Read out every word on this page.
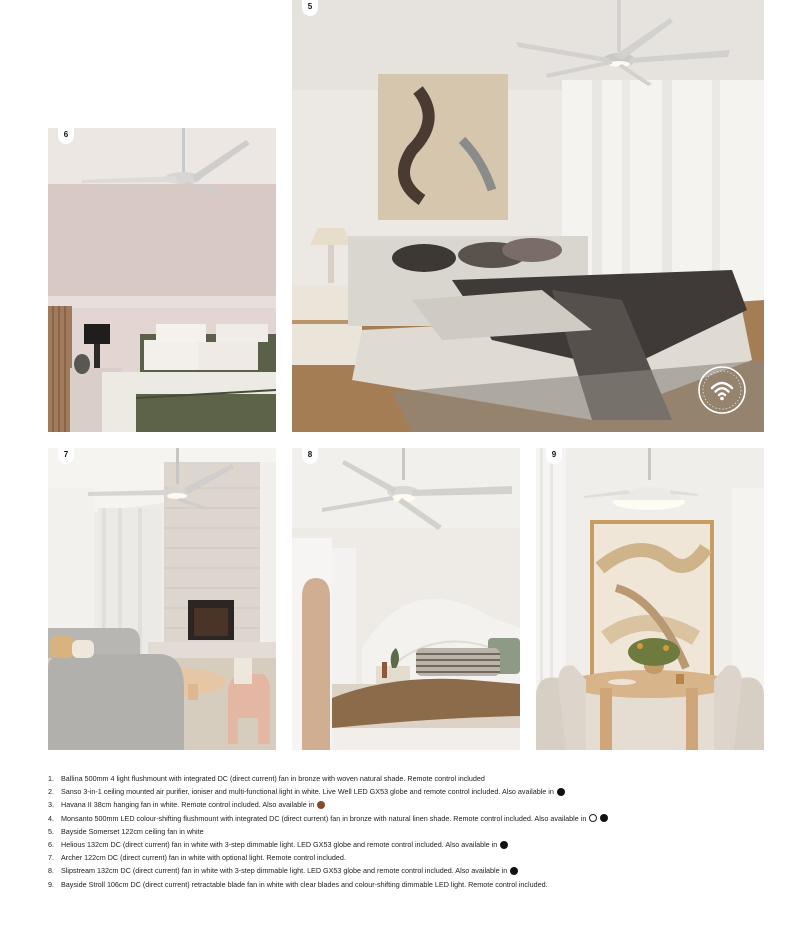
5
6
7	8	9
1. Ballina 500mm 4 light flushmount with integrated DC (direct current) fan in bronze with woven natural shade. Remote control included
2. Sanso 3-in-1 ceiling mounted air purifier, ioniser and multi-functional light in white. Live Well LED GX53 globe and remote control included. Also available in
3. Havana II 38cm hanging fan in white. Remote control included. Also available in
4. Monsanto 500mm LED colour-shifting flushmount with integrated DC (direct current) fan in bronze with natural linen shade. Remote control included. Also available in
5. Bayside Somerset 122cm ceiling fan in white
6. Helious 132cm DC (direct current) fan in white with 3-step dimmable light. LED GX53 globe and remote control included. Also available in
7. Archer 122cm DC (direct current) fan in white with optional light. Remote control included.
8. Slipstream 132cm DC (direct current) fan in white with 3-step dimmable light. LED GX53 globe and remote control included. Also available in
9. Bayside Stroll 106cm DC (direct current) retractable blade fan in white with clear blades and colour-shifting dimmable LED light. Remote control included.
